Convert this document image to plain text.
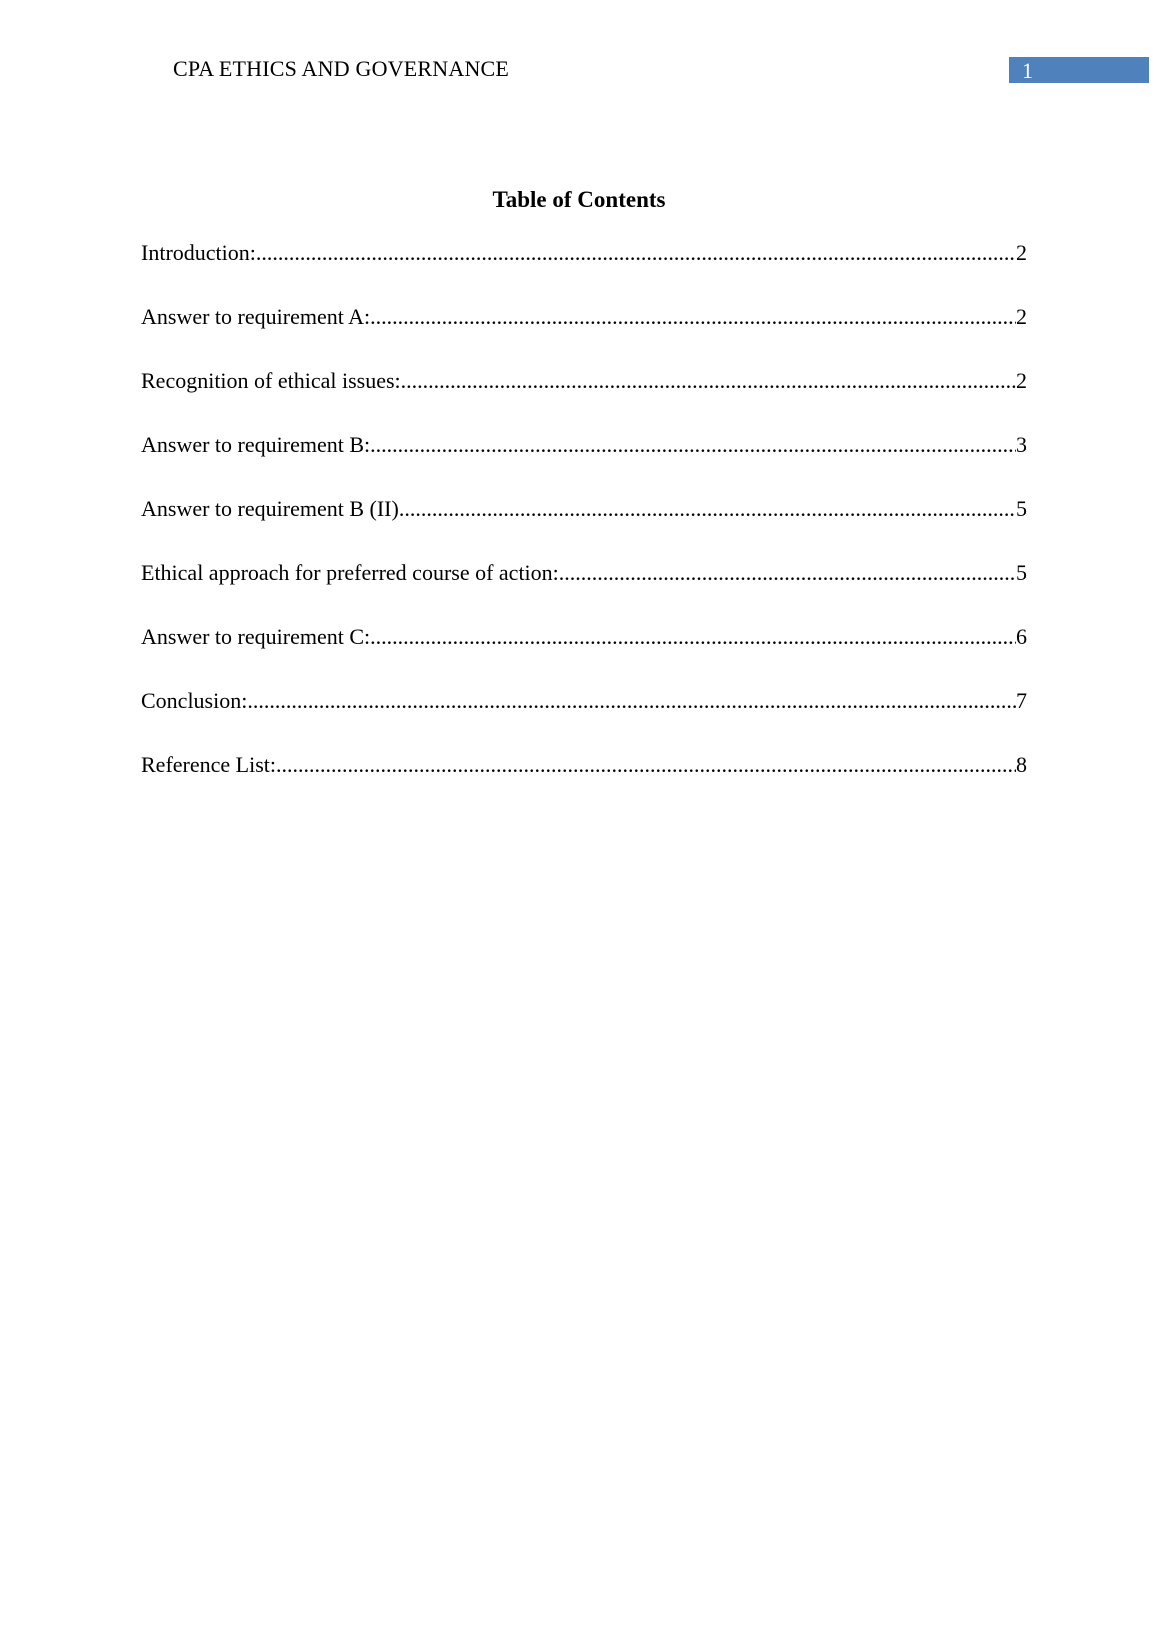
CPA ETHICS AND GOVERNANCE	1
Table of Contents
Introduction: .....	2
Answer to requirement A: .....	2
Recognition of ethical issues: .....	2
Answer to requirement B: .....	3
Answer to requirement B (II) .....	5
Ethical approach for preferred course of action: .....	5
Answer to requirement C: .....	6
Conclusion: .....	7
Reference List: .....	8
